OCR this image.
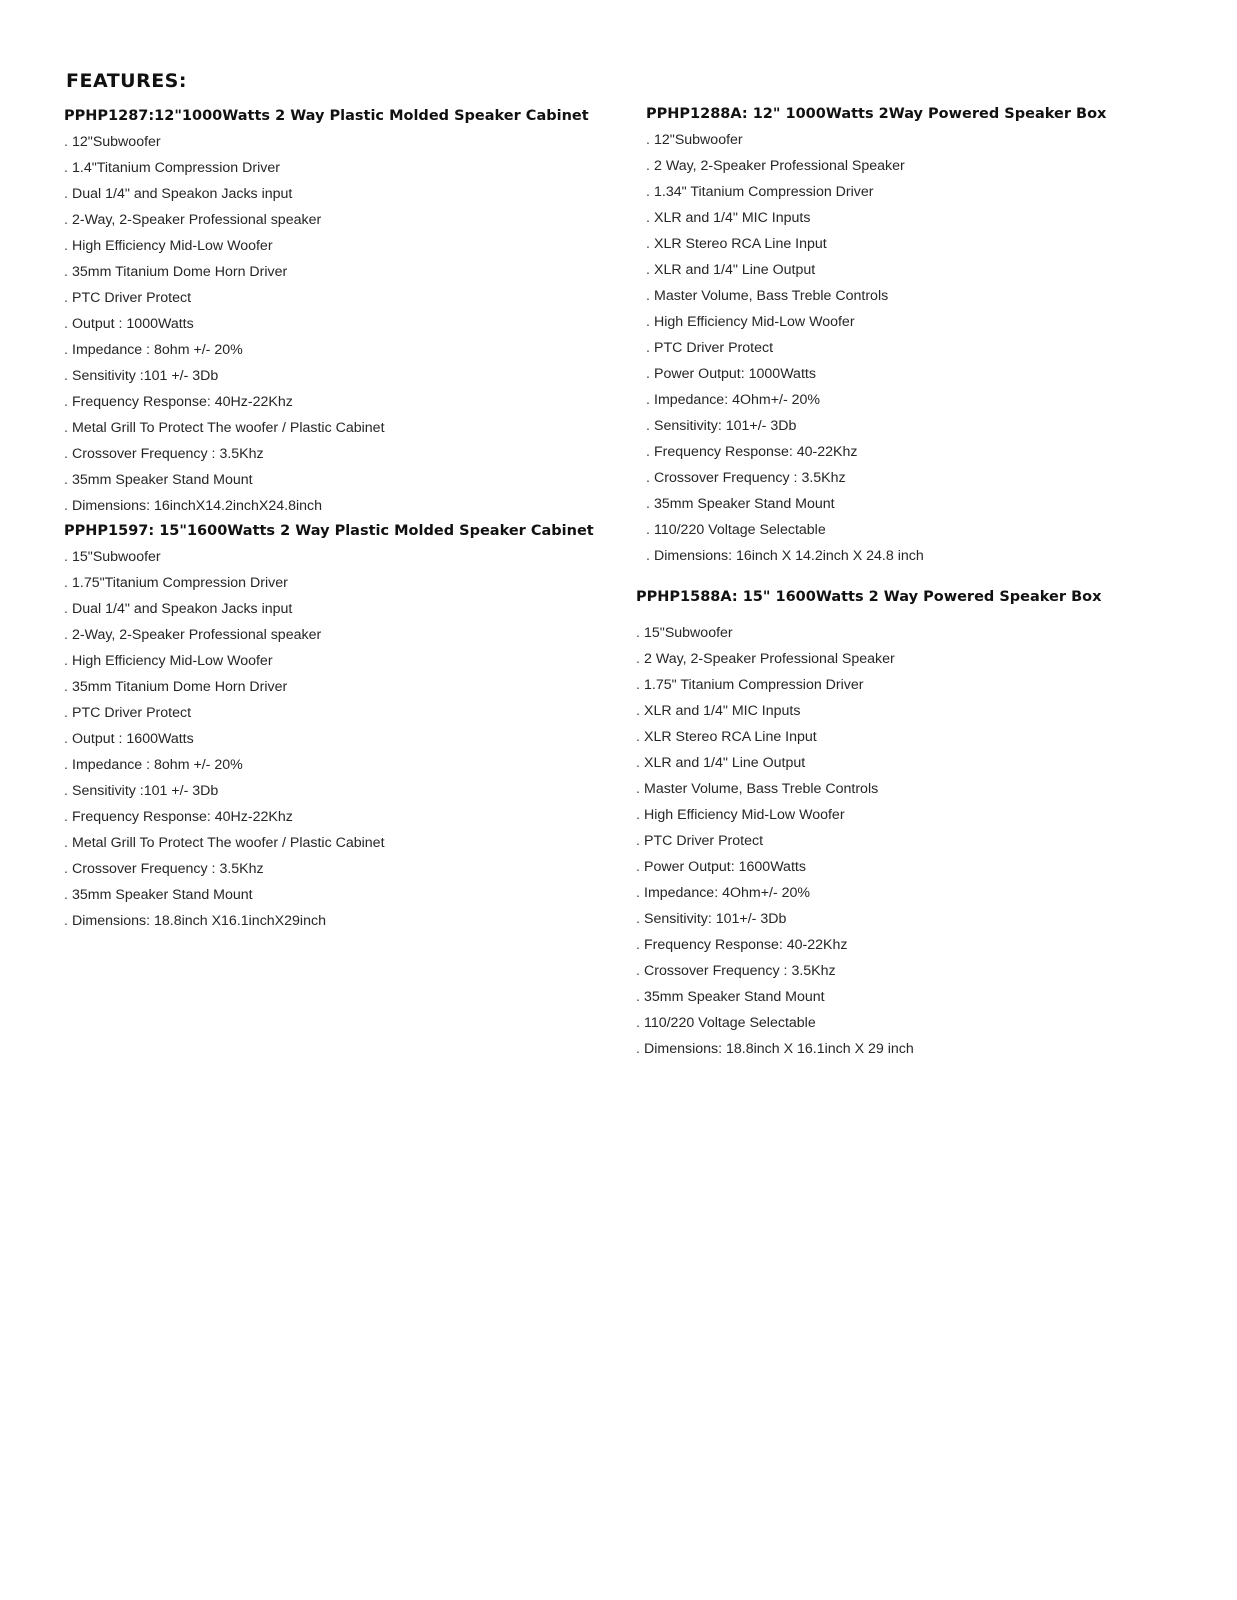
FEATURES:
PPHP1287:12"1000Watts 2 Way Plastic Molded Speaker Cabinet
. 12"Subwoofer
. 1.4"Titanium Compression Driver
. Dual 1/4" and Speakon Jacks input
. 2-Way, 2-Speaker Professional speaker
. High Efficiency Mid-Low Woofer
. 35mm Titanium Dome Horn Driver
. PTC Driver Protect
. Output : 1000Watts
. Impedance : 8ohm +/- 20%
. Sensitivity :101 +/- 3Db
. Frequency Response: 40Hz-22Khz
. Metal Grill To Protect The woofer / Plastic Cabinet
. Crossover Frequency : 3.5Khz
. 35mm Speaker Stand Mount
. Dimensions: 16inchX14.2inchX24.8inch
PPHP1597: 15"1600Watts 2 Way Plastic Molded Speaker Cabinet
. 15"Subwoofer
. 1.75"Titanium Compression Driver
. Dual 1/4" and Speakon Jacks input
. 2-Way, 2-Speaker Professional speaker
. High Efficiency Mid-Low Woofer
. 35mm Titanium Dome Horn Driver
. PTC Driver Protect
. Output : 1600Watts
. Impedance : 8ohm +/- 20%
. Sensitivity :101 +/- 3Db
. Frequency Response: 40Hz-22Khz
. Metal Grill To Protect The woofer / Plastic Cabinet
. Crossover Frequency : 3.5Khz
. 35mm Speaker Stand Mount
. Dimensions: 18.8inch X16.1inchX29inch
PPHP1288A: 12" 1000Watts 2Way Powered Speaker Box
. 12"Subwoofer
. 2 Way, 2-Speaker Professional Speaker
. 1.34" Titanium Compression Driver
. XLR and 1/4" MIC Inputs
. XLR Stereo RCA Line Input
. XLR and 1/4" Line Output
. Master Volume, Bass Treble Controls
. High Efficiency Mid-Low Woofer
. PTC Driver Protect
. Power Output: 1000Watts
. Impedance: 4Ohm+/- 20%
. Sensitivity: 101+/- 3Db
. Frequency Response: 40-22Khz
. Crossover Frequency : 3.5Khz
. 35mm Speaker Stand Mount
. 110/220 Voltage Selectable
. Dimensions: 16inch X 14.2inch X 24.8 inch
PPHP1588A: 15" 1600Watts 2 Way Powered Speaker Box
. 15"Subwoofer
. 2 Way, 2-Speaker Professional Speaker
. 1.75" Titanium Compression Driver
. XLR and 1/4" MIC Inputs
. XLR Stereo RCA Line Input
. XLR and 1/4" Line Output
. Master Volume, Bass Treble Controls
. High Efficiency Mid-Low Woofer
. PTC Driver Protect
. Power Output: 1600Watts
. Impedance: 4Ohm+/- 20%
. Sensitivity: 101+/- 3Db
. Frequency Response: 40-22Khz
. Crossover Frequency : 3.5Khz
. 35mm Speaker Stand Mount
. 110/220 Voltage Selectable
. Dimensions: 18.8inch X 16.1inch X 29 inch
